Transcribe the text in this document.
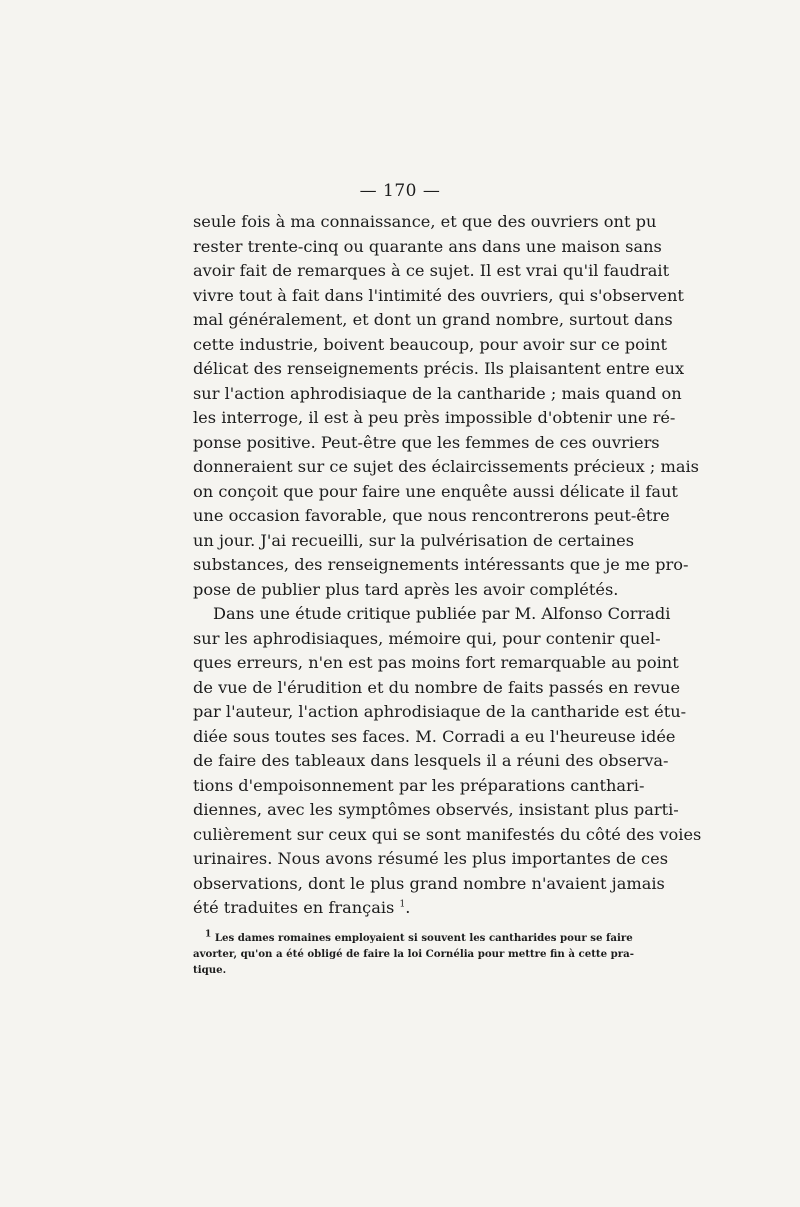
— 170 —
seule fois à ma connaissance, et que des ouvriers ont pu
rester trente-cinq ou quarante ans dans une maison sans
avoir fait de remarques à ce sujet. Il est vrai qu'il faudrait
vivre tout à fait dans l'intimité des ouvriers, qui s'observent
mal généralement, et dont un grand nombre, surtout dans
cette industrie, boivent beaucoup, pour avoir sur ce point
délicat des renseignements précis. Ils plaisantent entre eux
sur l'action aphrodisiaque de la cantharide ; mais quand on
les interroge, il est à peu près impossible d'obtenir une ré-
ponse positive. Peut-être que les femmes de ces ouvriers
donneraient sur ce sujet des éclaircissements précieux ; mais
on conçoit que pour faire une enquête aussi délicate il faut
une occasion favorable, que nous rencontrerons peut-être
un jour. J'ai recueilli, sur la pulvérisation de certaines
substances, des renseignements intéressants que je me pro-
pose de publier plus tard après les avoir complétés.
Dans une étude critique publiée par M. Alfonso Corradi
sur les aphrodisiaques, mémoire qui, pour contenir quel-
ques erreurs, n'en est pas moins fort remarquable au point
de vue de l'érudition et du nombre de faits passés en revue
par l'auteur, l'action aphrodisiaque de la cantharide est étu-
diée sous toutes ses faces. M. Corradi a eu l'heureuse idée
de faire des tableaux dans lesquels il a réuni des observa-
tions d'empoisonnement par les préparations canthari-
diennes, avec les symptômes observés, insistant plus parti-
culièrement sur ceux qui se sont manifestés du côté des voies
urinaires. Nous avons résumé les plus importantes de ces
observations, dont le plus grand nombre n'avaient jamais
été traduites en français $^1$.
$^1$ Les dames romaines employaient si souvent les cantharides pour se faire
avorter, qu'on a été obligé de faire la loi Cornélia pour mettre fin à cette pra-
tique.
